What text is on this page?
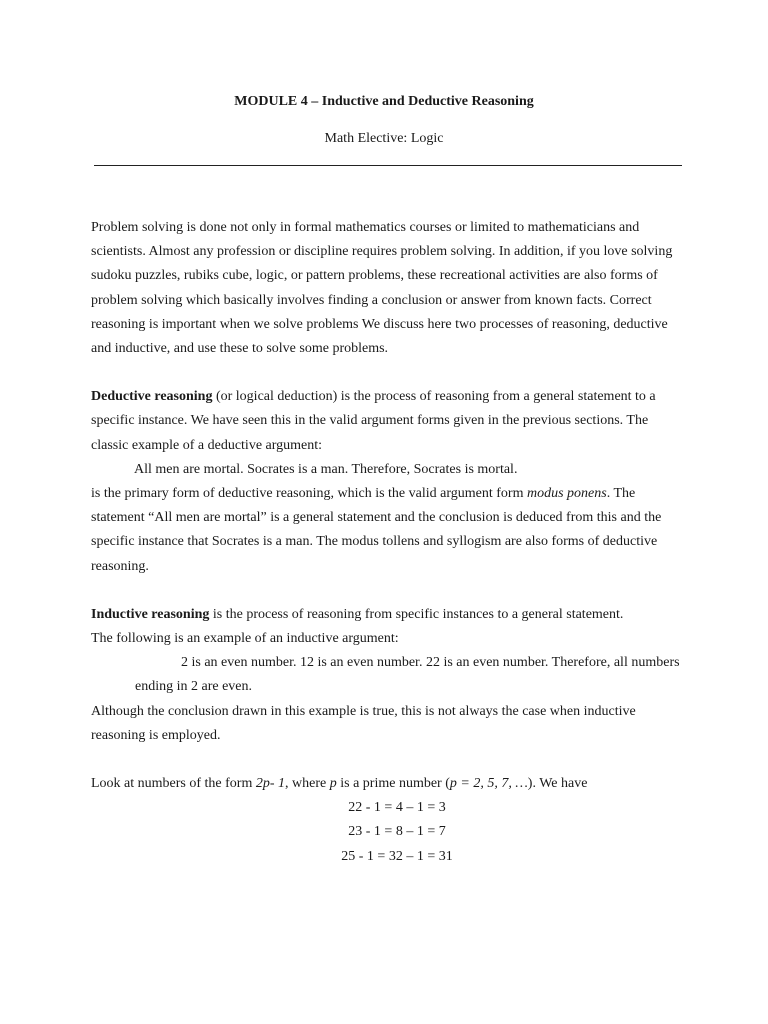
MODULE 4 – Inductive and Deductive Reasoning
Math Elective: Logic

Problem solving is done not only in formal mathematics courses or limited to mathematicians and

scientists. Almost any profession or discipline requires problem solving. In addition, if you love solving

sudoku puzzles, rubiks cube, logic, or pattern problems, these recreational activities are also forms of

problem solving which basically involves finding a conclusion or answer from known facts. Correct

reasoning is important when we solve problems We discuss here two processes of reasoning, deductive

and inductive, and use these to solve some problems.

Deductive reasoning (or logical deduction) is the process of reasoning from a general statement to a

specific instance. We have seen this in the valid argument forms given in the previous sections. The

classic example of a deductive argument:

All men are mortal. Socrates is a man. Therefore, Socrates is mortal.

is the primary form of deductive reasoning, which is the valid argument form modus ponens. The

statement “All men are mortal” is a general statement and the conclusion is deduced from this and the

specific instance that Socrates is a man. The modus tollens and syllogism are also forms of deductive

reasoning.

Inductive reasoning is the process of reasoning from specific instances to a general statement.

The following is an example of an inductive argument:

2 is an even number. 12 is an even number. 22 is an even number. Therefore, all numbers

ending in 2 are even.

Although the conclusion drawn in this example is true, this is not always the case when inductive

reasoning is employed.

Look at numbers of the form 2p- 1, where p is a prime number (p = 2, 5, 7, …). We have

22 - 1 = 4 – 1 = 3

23 - 1 = 8 – 1 = 7

25 - 1 = 32 – 1 = 31
